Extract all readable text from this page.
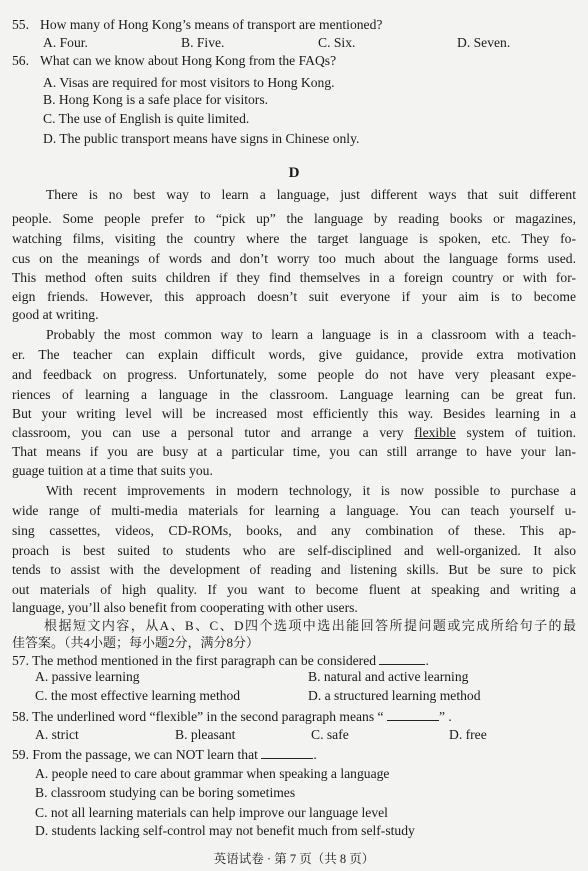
55. How many of Hong Kong’s means of transport are mentioned?
A. Four.	B. Five.	C. Six.	D. Seven.
56. What can we know about Hong Kong from the FAQs?
A. Visas are required for most visitors to Hong Kong.
B. Hong Kong is a safe place for visitors.
C. The use of English is quite limited.
D. The public transport means have signs in Chinese only.
D
There is no best way to learn a language, just different ways that suit different
people. Some people prefer to “pick up” the language by reading books or magazines,
watching films, visiting the country where the target language is spoken, etc. They fo-
cus on the meanings of words and don’t worry too much about the language forms used.
This method often suits children if they find themselves in a foreign country or with for-
eign friends. However, this approach doesn’t suit everyone if your aim is to become
good at writing.
Probably the most common way to learn a language is in a classroom with a teach-
er. The teacher can explain difficult words, give guidance, provide extra motivation
and feedback on progress. Unfortunately, some people do not have very pleasant expe-
riences of learning a language in the classroom. Language learning can be great fun.
But your writing level will be increased most efficiently this way. Besides learning in a
classroom, you can use a personal tutor and arrange a very flexible system of tuition.
That means if you are busy at a particular time, you can still arrange to have your lan-
guage tuition at a time that suits you.
With recent improvements in modern technology, it is now possible to purchase a
wide range of multi-media materials for learning a language. You can teach yourself u-
sing cassettes, videos, CD-ROMs, books, and any combination of these. This ap-
proach is best suited to students who are self-disciplined and well-organized. It also
tends to assist with the development of reading and listening skills. But be sure to pick
out materials of high quality. If you want to become fluent at speaking and writing a
language, you’ll also benefit from cooperating with other users.
根据短文内容，从A、B、C、D四个选项中选出能回答所提问题或完成所给句子的最
佳答案。（共4小题；每小题2分，满分8分）
57. The method mentioned in the first paragraph can be considered	.
A. passive learning	B. natural and active learning
C. the most effective learning method	D. a structured learning method
58. The underlined word “flexible” in the second paragraph means “	” .
A. strict	B. pleasant	C. safe	D. free
59. From the passage, we can NOT learn that	.
A. people need to care about grammar when speaking a language
B. classroom studying can be boring sometimes
C. not all learning materials can help improve our language level
D. students lacking self-control may not benefit much from self-study
英语试卷 · 第 7 页（共 8 页）
